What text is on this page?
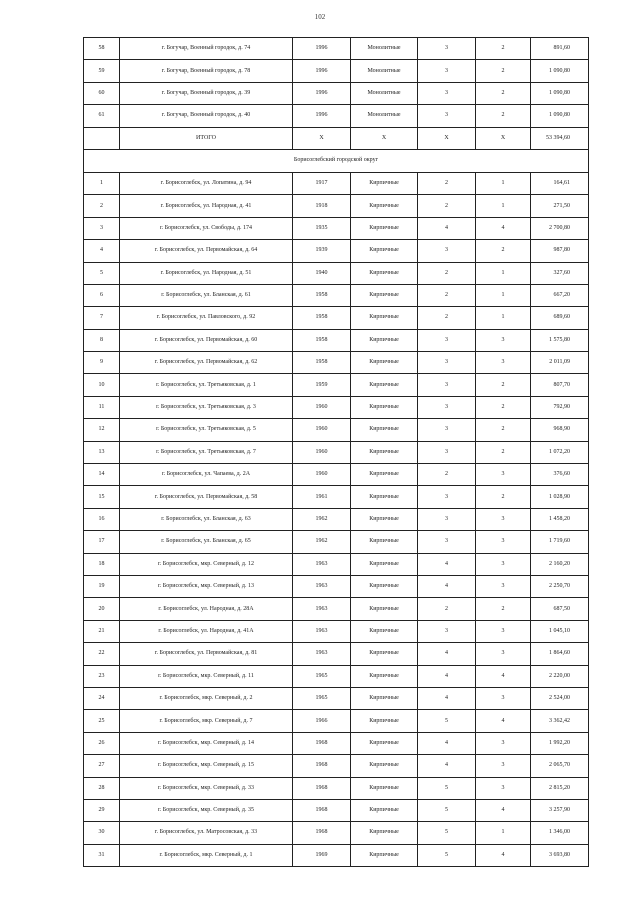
102
58	г. Богучар, Военный городок, д. 74	1996	Монолитные	3	2	891,60
59	г. Богучар, Военный городок, д. 78	1996	Монолитные	3	2	1 090,80
60	г. Богучар, Военный городок, д. 39	1996	Монолитные	3	2	1 090,80
61	г. Богучар, Военный городок, д. 40	1996	Монолитные	3	2	1 090,80
	ИТОГО	X	X	X	X	53 394,60
Борисоглебский городской округ						
1	г. Борисоглебск, ул. Лопатина, д. 94	1917	Кирпичные	2	1	164,61
2	г. Борисоглебск, ул. Народная, д. 41	1918	Кирпичные	2	1	271,50
3	г. Борисоглебск, ул. Свободы, д. 174	1935	Кирпичные	4	4	2 700,80
4	г. Борисоглебск, ул. Первомайская, д. 64	1939	Кирпичные	3	2	987,80
5	г. Борисоглебск, ул. Народная, д. 51	1940	Кирпичные	2	1	327,60
6	г. Борисоглебск, ул. Бланская, д. 61	1958	Кирпичные	2	1	667,20
7	г. Борисоглебск, ул. Павловского, д. 92	1958	Кирпичные	2	1	689,60
8	г. Борисоглебск, ул. Первомайская, д. 60	1958	Кирпичные	3	3	1 575,80
9	г. Борисоглебск, ул. Первомайская, д. 62	1958	Кирпичные	3	3	2 011,09
10	г. Борисоглебск, ул. Третьяковская, д. 1	1959	Кирпичные	3	2	807,70
11	г. Борисоглебск, ул. Третьяковская, д. 3	1960	Кирпичные	3	2	792,90
12	г. Борисоглебск, ул. Третьяковская, д. 5	1960	Кирпичные	3	2	968,90
13	г. Борисоглебск, ул. Третьяковская, д. 7	1960	Кирпичные	3	2	1 072,20
14	г. Борисоглебск, ул. Чапаева, д. 2А	1960	Кирпичные	2	3	376,60
15	г. Борисоглебск, ул. Первомайская, д. 58	1961	Кирпичные	3	2	1 028,90
16	г. Борисоглебск, ул. Бланская, д. 63	1962	Кирпичные	3	3	1 458,20
17	г. Борисоглебск, ул. Бланская, д. 65	1962	Кирпичные	3	3	1 719,60
18	г. Борисоглебск, мкр. Северный, д. 12	1963	Кирпичные	4	3	2 160,20
19	г. Борисоглебск, мкр. Северный, д. 13	1963	Кирпичные	4	3	2 250,70
20	г. Борисоглебск, ул. Народная, д. 28А	1963	Кирпичные	2	2	687,50
21	г. Борисоглебск, ул. Народная, д. 41А	1963	Кирпичные	3	3	1 045,10
22	г. Борисоглебск, ул. Первомайская, д. 81	1963	Кирпичные	4	3	1 864,60
23	г. Борисоглебск, мкр. Северный, д. 11	1965	Кирпичные	4	4	2 220,00
24	г. Борисоглебск, мкр. Северный, д. 2	1965	Кирпичные	4	3	2 524,00
25	г. Борисоглебск, мкр. Северный, д. 7	1966	Кирпичные	5	4	3 362,42
26	г. Борисоглебск, мкр. Северный, д. 14	1968	Кирпичные	4	3	1 992,20
27	г. Борисоглебск, мкр. Северный, д. 15	1968	Кирпичные	4	3	2 065,70
28	г. Борисоглебск, мкр. Северный, д. 33	1968	Кирпичные	5	3	2 815,20
29	г. Борисоглебск, мкр. Северный, д. 35	1968	Кирпичные	5	4	3 257,90
30	г. Борисоглебск, ул. Матросовская, д. 33	1968	Кирпичные	5	1	1 346,00
31	г. Борисоглебск, мкр. Северный, д. 1	1969	Кирпичные	5	4	3 693,80
